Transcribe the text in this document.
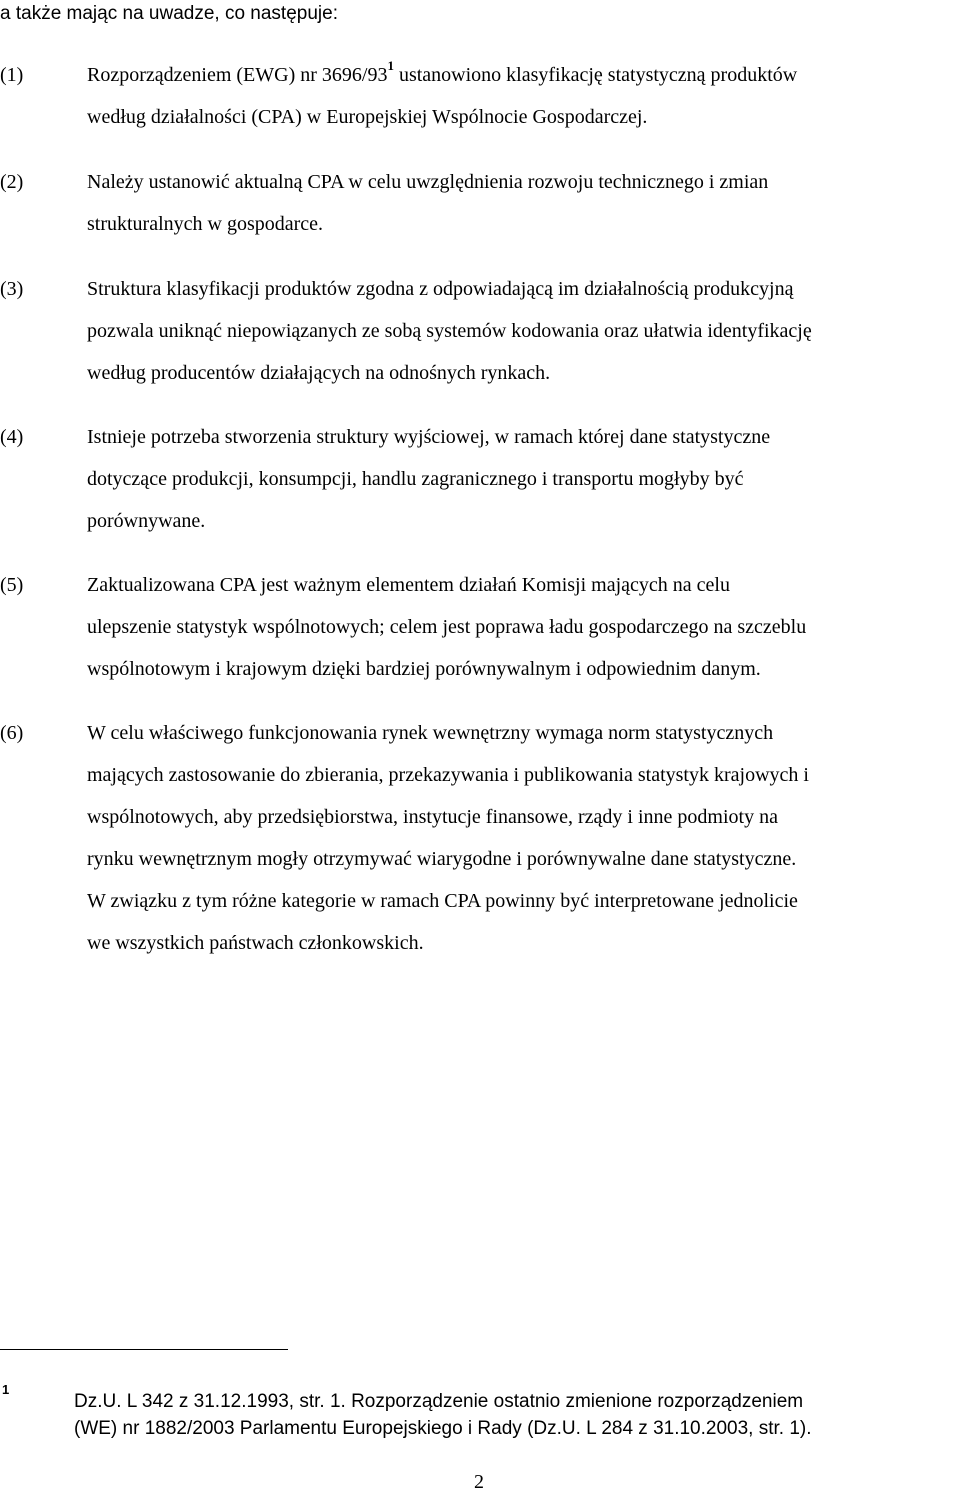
a także mając na uwadze, co następuje:
(1)	Rozporządzeniem (EWG) nr $3696/93^1$ ustanowiono klasyfikację statystyczną produktów
według działalności (CPA) w Europejskiej Wspólnocie Gospodarczej.
(2)	Należy ustanowić aktualną CPA w celu uwzględnienia rozwoju technicznego i zmian
strukturalnych w gospodarce.
(3)	Struktura klasyfikacji produktów zgodna z odpowiadającą im działalnością produkcyjną
pozwala uniknąć niepowiązanych ze sobą systemów kodowania oraz ułatwia identyfikację
według producentów działających na odnośnych rynkach.
(4)	Istnieje potrzeba stworzenia struktury wyjściowej, w ramach której dane statystyczne
dotyczące produkcji, konsumpcji, handlu zagranicznego i transportu mogłyby być
porównywane.
(5)	Zaktualizowana CPA jest ważnym elementem działań Komisji mających na celu
ulepszenie statystyk wspólnotowych; celem jest poprawa ładu gospodarczego na szczeblu
wspólnotowym i krajowym dzięki bardziej porównywalnym i odpowiednim danym.
(6)	W celu właściwego funkcjonowania rynek wewnętrzny wymaga norm statystycznych
mających zastosowanie do zbierania, przekazywania i publikowania statystyk krajowych i
wspólnotowych, aby przedsiębiorstwa, instytucje finansowe, rządy i inne podmioty na
rynku wewnętrznym mogły otrzymywać wiarygodne i porównywalne dane statystyczne.
W związku z tym różne kategorie w ramach CPA powinny być interpretowane jednolicie
we wszystkich państwach członkowskich.
1
Dz.U. L 342 z 31.12.1993, str. 1. Rozporządzenie ostatnio zmienione rozporządzeniem
(WE) nr 1882/2003 Parlamentu Europejskiego i Rady (Dz.U. L 284 z 31.10.2003, str. 1).
2
